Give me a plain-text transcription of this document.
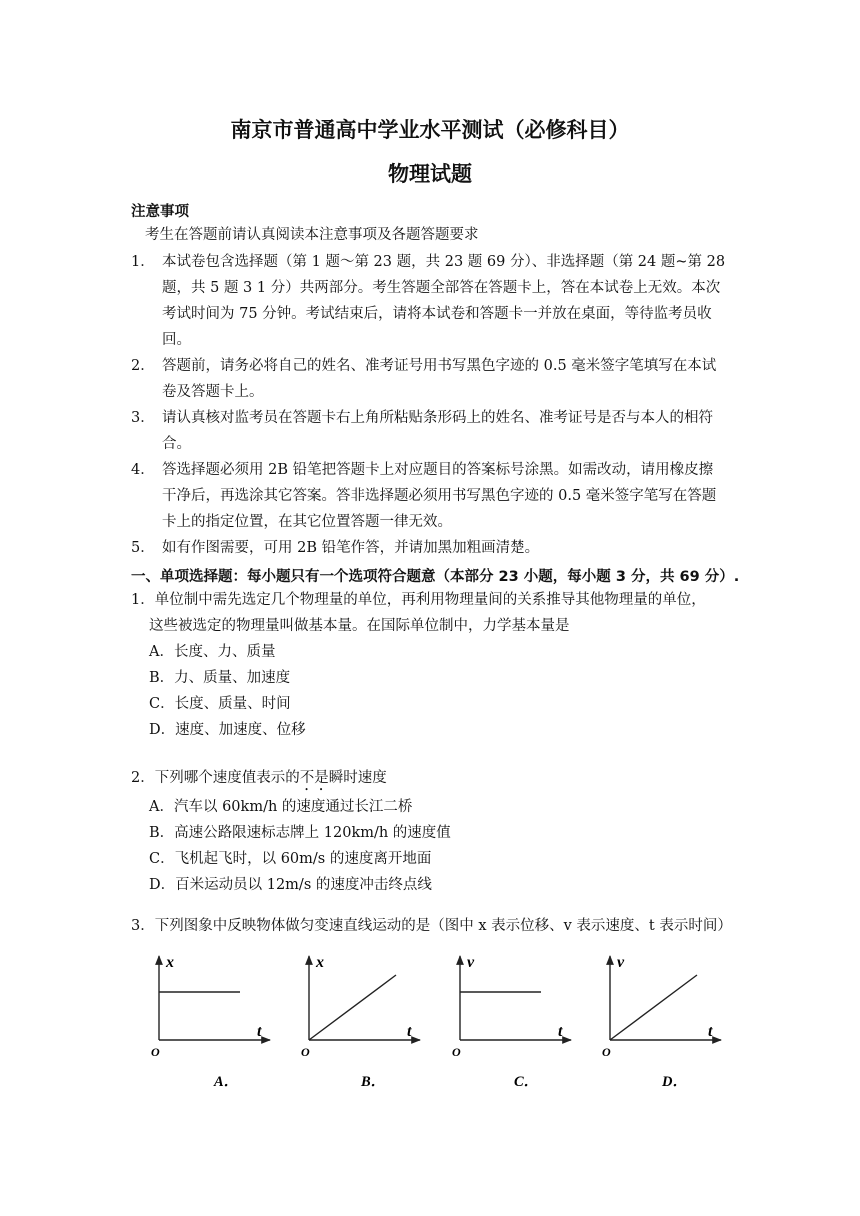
南京市普通高中学业水平测试（必修科目）
物理试题
注意事项
考生在答题前请认真阅读本注意事项及各题答题要求
1． 本试卷包含选择题（第 1 题～第 23 题，共 23 题 69 分）、非选择题（第 24 题~第 28
题，共 5 题 3 1 分）共两部分。考生答题全部答在答题卡上，答在本试卷上无效。本次
考试时间为 75 分钟。考试结束后，请将本试卷和答题卡一并放在桌面，等待监考员收
回。
2． 答题前，请务必将自己的姓名、准考证号用书写黑色字迹的 0.5 毫米签字笔填写在本试
卷及答题卡上。
3． 请认真核对监考员在答题卡右上角所粘贴条形码上的姓名、准考证号是否与本人的相符
合。
4． 答选择题必须用 2B 铅笔把答题卡上对应题目的答案标号涂黑。如需改动，请用橡皮擦
干净后，再选涂其它答案。答非选择题必须用书写黑色字迹的 0.5 毫米签字笔写在答题
卡上的指定位置，在其它位置答题一律无效。
5． 如有作图需要，可用 2B 铅笔作答，并请加黑加粗画清楚。
一、单项选择题：每小题只有一个选项符合题意（本部分 23 小题，每小题 3 分，共 69 分）.
1．单位制中需先选定几个物理量的单位，再利用物理量间的关系推导其他物理量的单位，
这些被选定的物理量叫做基本量。在国际单位制中，力学基本量是
A．长度、力、质量
B．力、质量、加速度
C．长度、质量、时间
D．速度、加速度、位移
2．下列哪个速度值表示的不是瞬时速度
A．汽车以 60km/h 的速度通过长江二桥
B．高速公路限速标志牌上 120km/h 的速度值
C．飞机起飞时，以 60m/s 的速度离开地面
D．百米运动员以 12m/s 的速度冲击终点线
3．下列图象中反映物体做匀变速直线运动的是（图中 x 表示位移、v 表示速度、t 表示时间）
x
t
O
A．
x
t
O
B．
v
t
O
C．
v
t
O
D．
